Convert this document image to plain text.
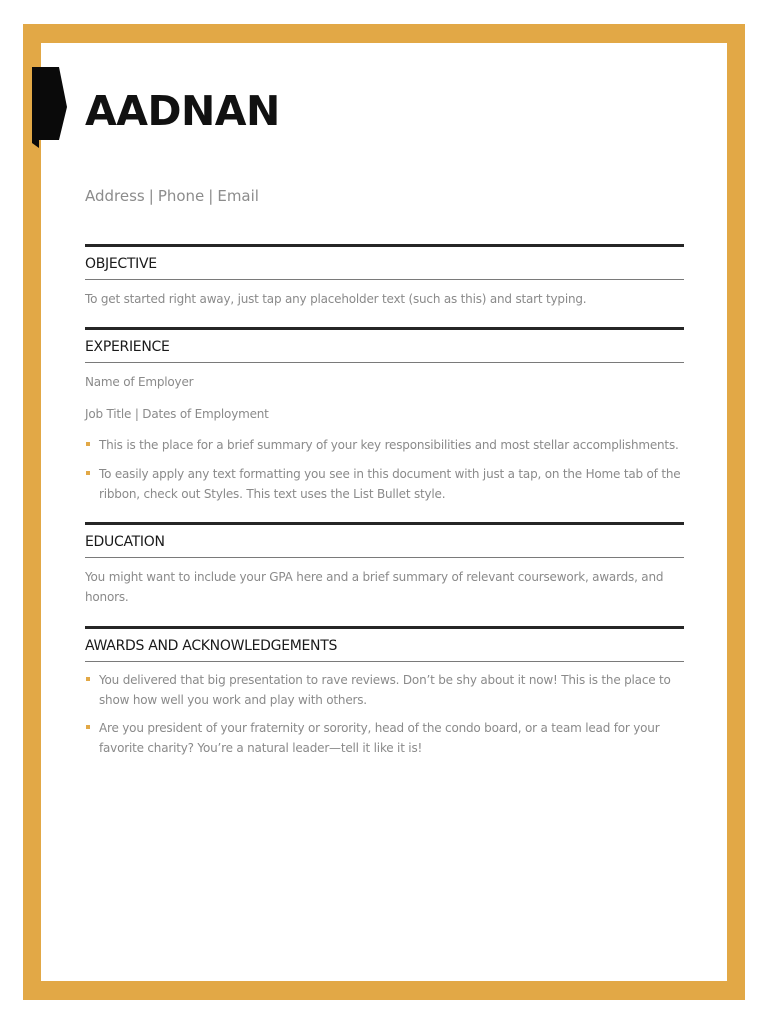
AADNAN
Address | Phone | Email
OBJECTIVE

To get started right away, just tap any placeholder text (such as this) and start typing.

EXPERIENCE

Name of Employer

Job Title | Dates of Employment

This is the place for a brief summary of your key responsibilities and most stellar accomplishments.
To easily apply any text formatting you see in this document with just a tap, on the Home tab of the ribbon, check out Styles. This text uses the List Bullet style.
EDUCATION

You might want to include your GPA here and a brief summary of relevant coursework, awards, and honors.

AWARDS AND ACKNOWLEDGEMENTS
You delivered that big presentation to rave reviews. Don’t be shy about it now! This is the place to show how well you work and play with others.
Are you president of your fraternity or sorority, head of the condo board, or a team lead for your favorite charity? You’re a natural leader—tell it like it is!
